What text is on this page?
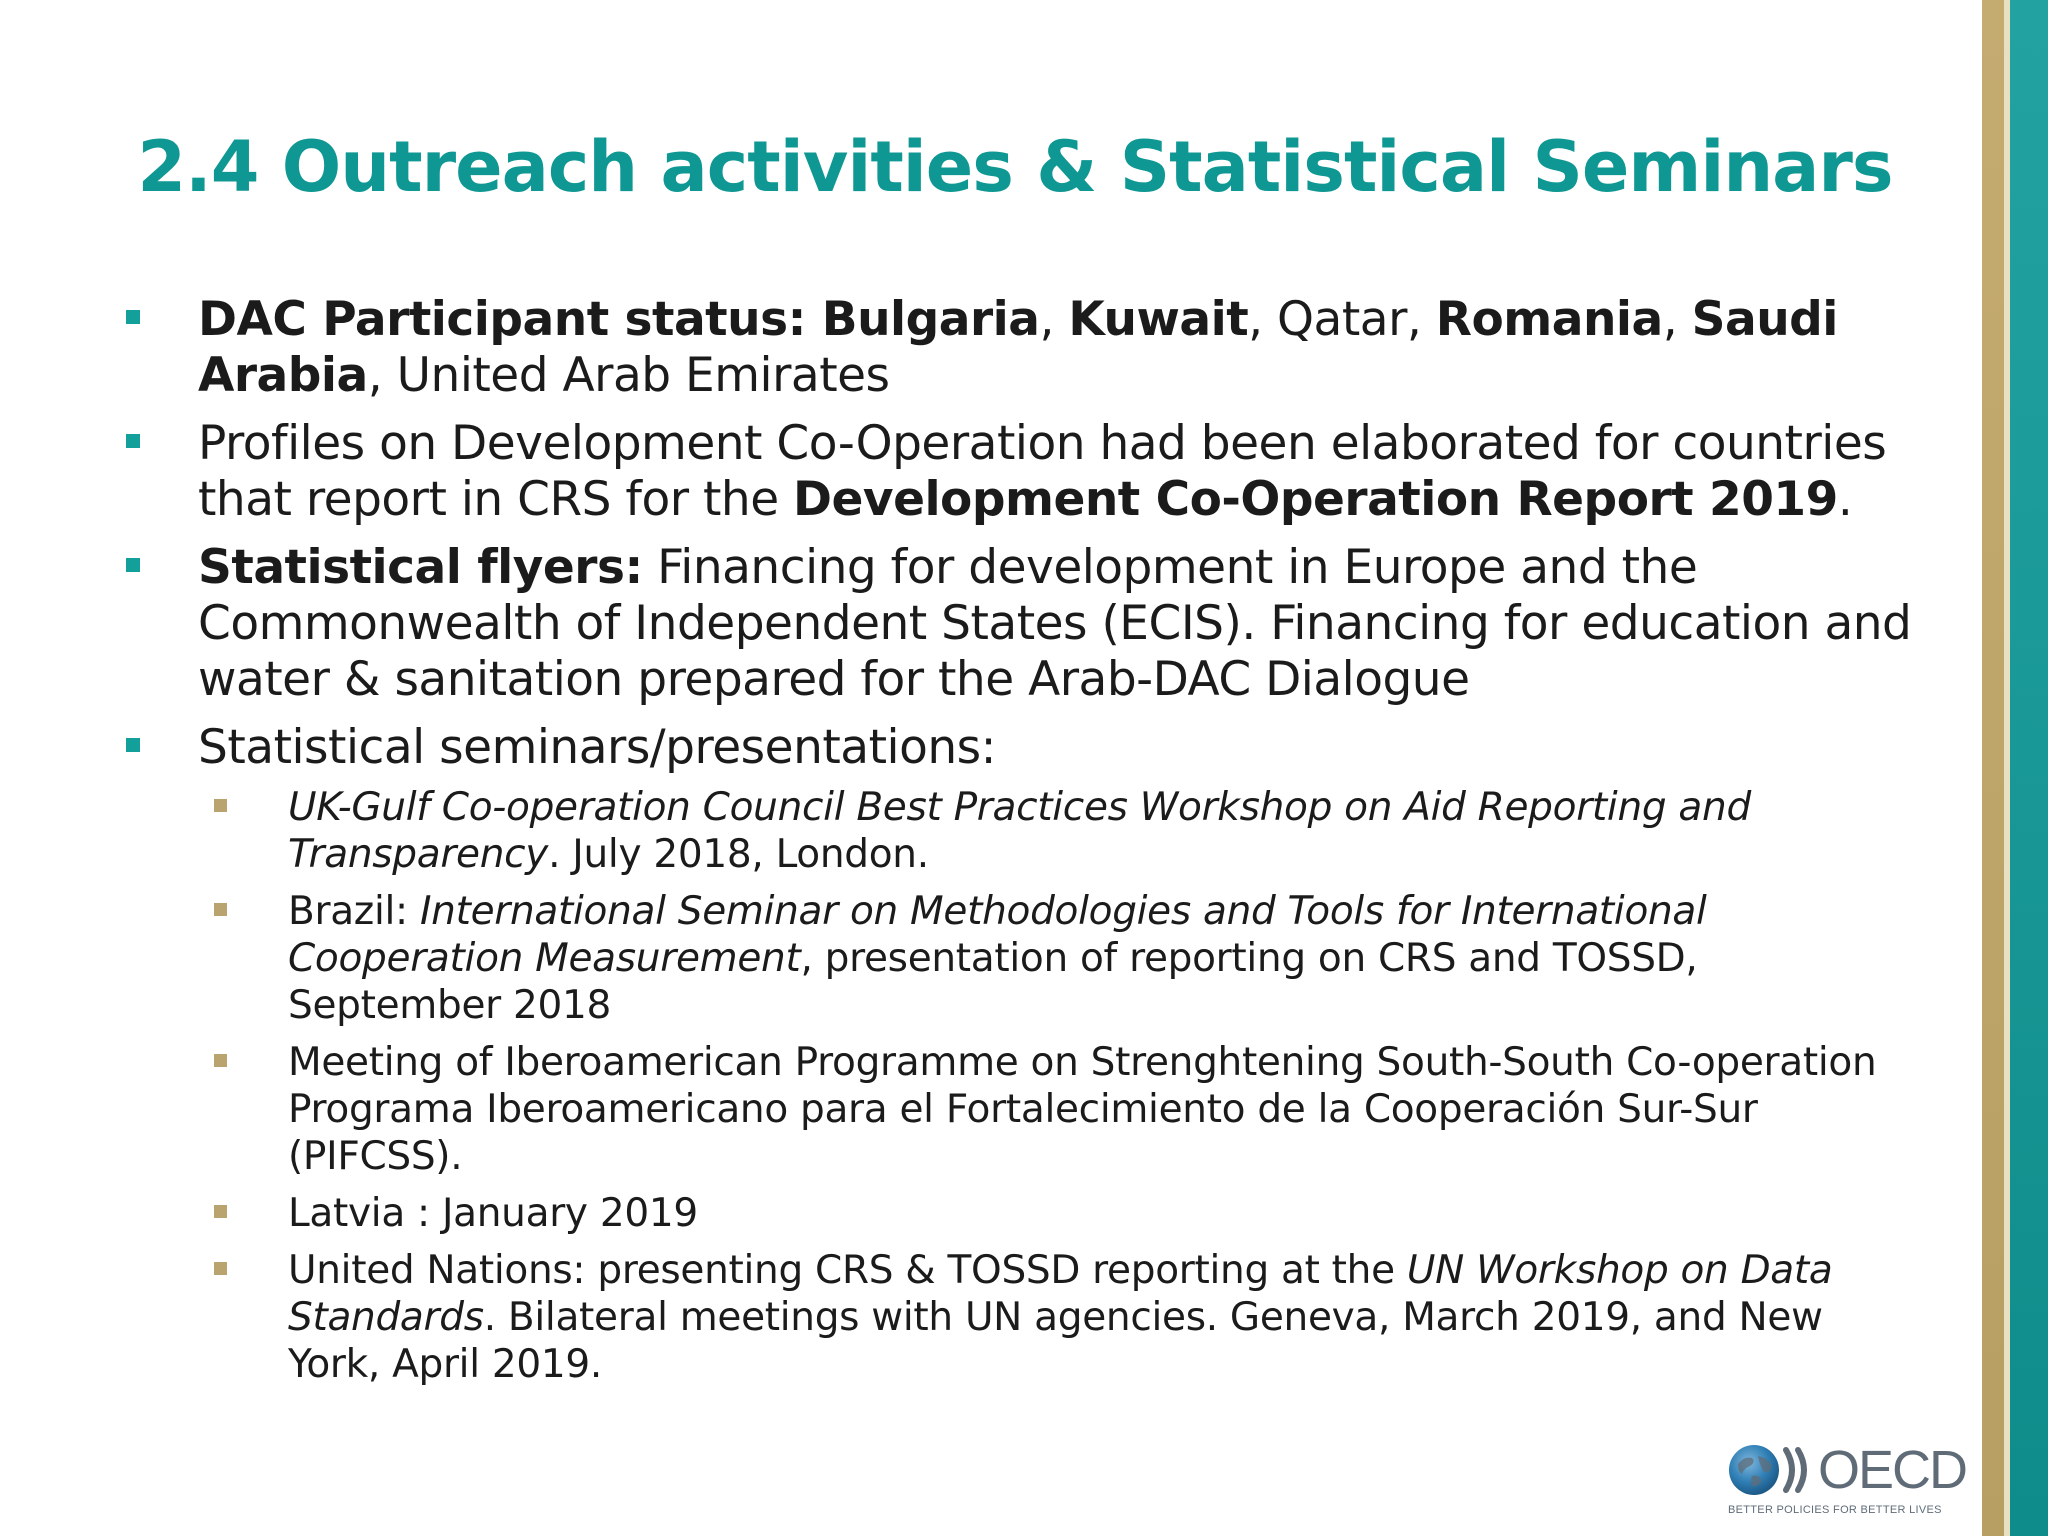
2.4 Outreach activities & Statistical Seminars
DAC Participant status: Bulgaria, Kuwait, Qatar, Romania, Saudi Arabia, United Arab Emirates
Profiles on Development Co-Operation had been elaborated for countries that report in CRS for the Development Co-Operation Report 2019.
Statistical flyers: Financing for development in Europe and the Commonwealth of Independent States (ECIS). Financing for education and water & sanitation prepared for the Arab-DAC Dialogue
Statistical seminars/presentations:
UK-Gulf Co-operation Council Best Practices Workshop on Aid Reporting and Transparency. July 2018, London.
Brazil: International Seminar on Methodologies and Tools for International Cooperation Measurement, presentation of reporting on CRS and TOSSD, September 2018
Meeting of Iberoamerican Programme on Strenghtening South-South Co-operation Programa Iberoamericano para el Fortalecimiento de la Cooperación Sur-Sur (PIFCSS).
Latvia : January 2019
United Nations: presenting CRS & TOSSD reporting at the UN Workshop on Data Standards. Bilateral meetings with UN agencies. Geneva, March 2019, and New York, April 2019.
OECD
BETTER POLICIES FOR BETTER LIVES
